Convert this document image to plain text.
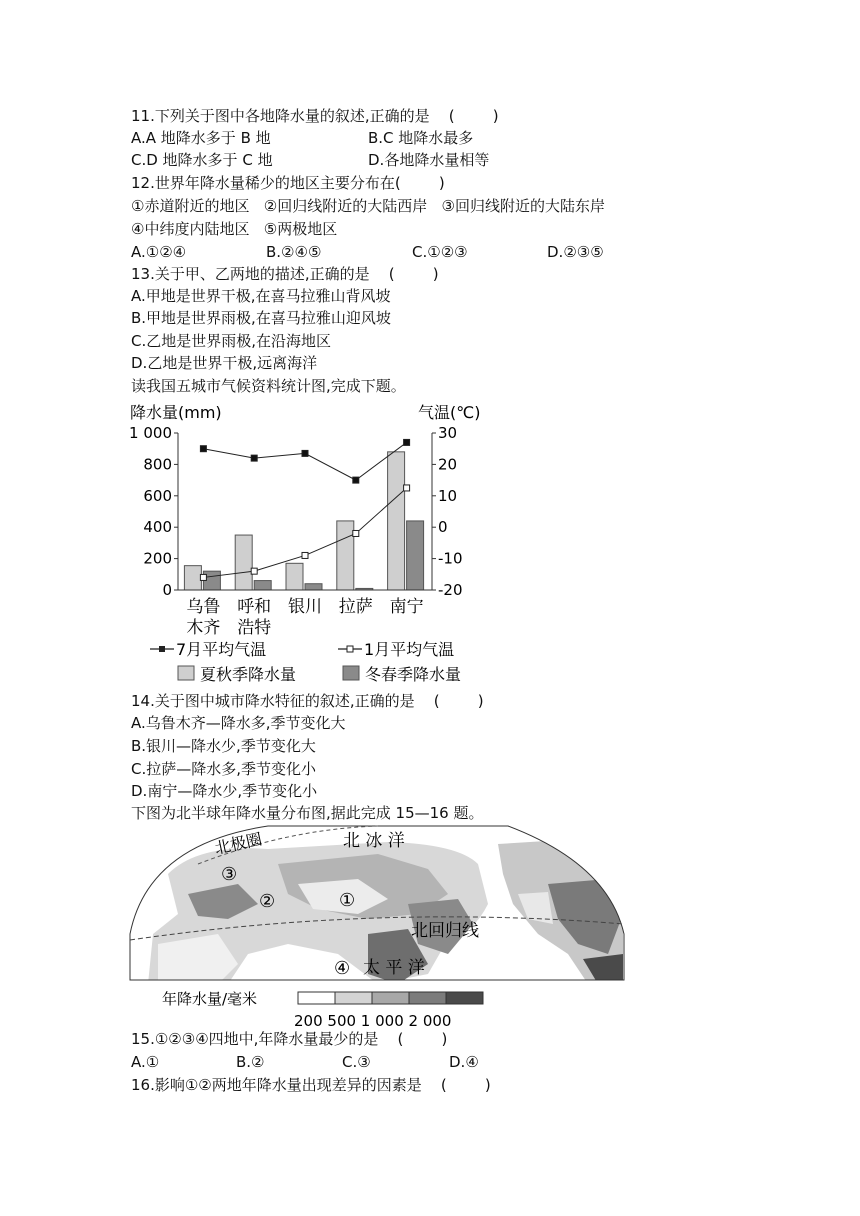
11.下列关于图中各地降水量的叙述,正确的是    (        )
A.A 地降水多于 B 地	B.C 地降水最多
C.D 地降水多于 C 地	D.各地降水量相等
12.世界年降水量稀少的地区主要分布在(        )
①赤道附近的地区   ②回归线附近的大陆西岸   ③回归线附近的大陆东岸
④中纬度内陆地区   ⑤两极地区
A.①②④	B.②④⑤	C.①②③	D.②③⑤
13.关于甲、乙两地的描述,正确的是    (        )
A.甲地是世界干极,在喜马拉雅山背风坡
B.甲地是世界雨极,在喜马拉雅山迎风坡
C.乙地是世界雨极,在沿海地区
D.乙地是世界干极,远离海洋
读我国五城市气候资料统计图,完成下题。
降水量(mm)	气温(℃)
0
200
400
600
800
1 000
-20
-10
0
10
20
30
乌鲁
木齐
呼和
浩特
银川 拉萨 南宁
7月平均气温	1月平均气温
夏秋季降水量	冬春季降水量
14.关于图中城市降水特征的叙述,正确的是    (        )
A.乌鲁木齐—降水多,季节变化大
B.银川—降水少,季节变化大
C.拉萨—降水多,季节变化小
D.南宁—降水少,季节变化小
下图为北半球年降水量分布图,据此完成 15—16 题。
北极圈	北 冰 洋
北回归线
太 平 洋
③
②	①
④
年降水量/毫米
200 500 1 000 2 000
15.①②③④四地中,年降水量最少的是    (        )
A.①	B.②	C.③	D.④
16.影响①②两地年降水量出现差异的因素是    (        )
